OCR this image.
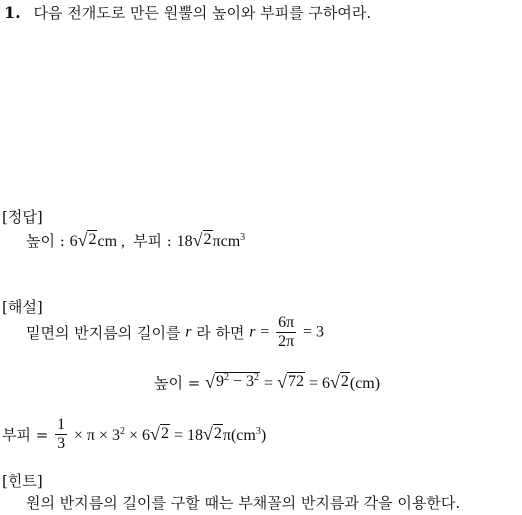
1. 다음 전개도로 만든 원뿔의 높이와 부피를 구하여라.
[정답]
높이 : 6 √ 2 cm , 부피 : 18 √ 2 πcm$^3$
[해설]
밑면의 반지름의 길이를 r 라 하면 $r = \frac{6\pi}{2\pi} = 3$
높이 = √ $9^2 - 3^2$ = √ 72 = 6 √ 2 (cm)
부피 = $\frac{1}{3} \times \pi \times 3^2 \times 6$ √ 2 = 18 √ 2 $\pi(cm^3)$
[힌트]
원의 반지름의 길이를 구할 때는 부채꼴의 반지름과 각을 이용한다.
